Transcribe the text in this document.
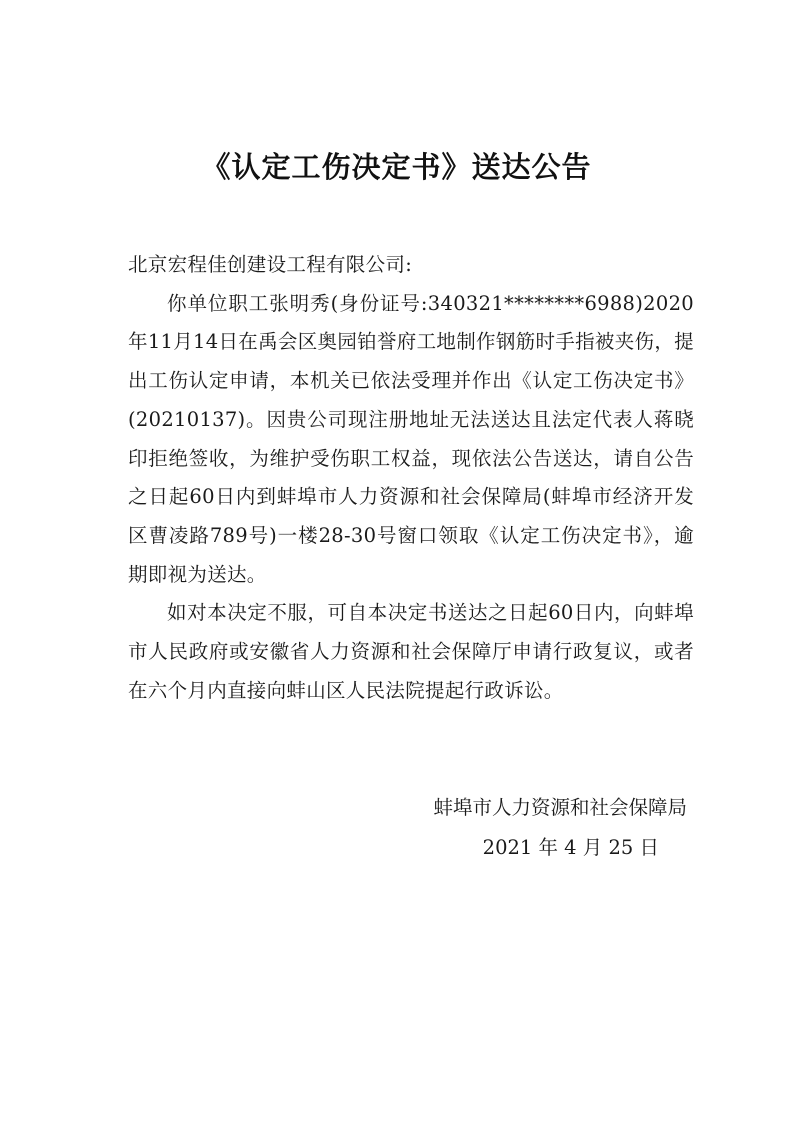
《认定工伤决定书》送达公告

北京宏程佳创建设工程有限公司:

你单位职工张明秀(身份证号:340321********6988)2020年11月14日在禹会区奥园铂誉府工地制作钢筋时手指被夹伤，提出工伤认定申请，本机关已依法受理并作出《认定工伤决定书》(20210137)。因贵公司现注册地址无法送达且法定代表人蒋晓印拒绝签收，为维护受伤职工权益，现依法公告送达，请自公告之日起60日内到蚌埠市人力资源和社会保障局(蚌埠市经济开发区曹凌路789号)一楼28-30号窗口领取《认定工伤决定书》，逾期即视为送达。

如对本决定不服，可自本决定书送达之日起60日内，向蚌埠市人民政府或安徽省人力资源和社会保障厅申请行政复议，或者在六个月内直接向蚌山区人民法院提起行政诉讼。

蚌埠市人力资源和社会保障局
2021 年 4 月 25 日
